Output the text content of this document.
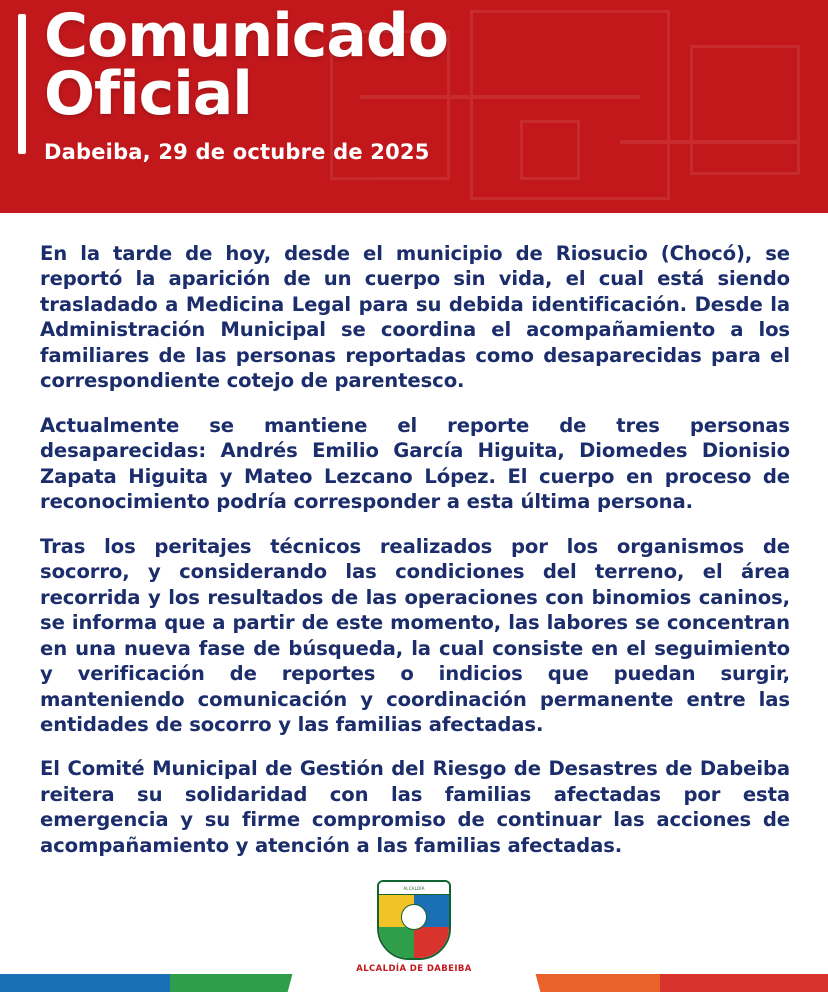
Comunicado
Oficial
Dabeiba, 29 de octubre de 2025

En la tarde de hoy, desde el municipio de Riosucio (Chocó), se reportó la aparición de un cuerpo sin vida, el cual está siendo trasladado a Medicina Legal para su debida identificación. Desde la Administración Municipal se coordina el acompañamiento a los familiares de las personas reportadas como desaparecidas para el correspondiente cotejo de parentesco.

Actualmente se mantiene el reporte de tres personas desaparecidas: Andrés Emilio García Higuita, Diomedes Dionisio Zapata Higuita y Mateo Lezcano López. El cuerpo en proceso de reconocimiento podría corresponder a esta última persona.

Tras los peritajes técnicos realizados por los organismos de socorro, y considerando las condiciones del terreno, el área recorrida y los resultados de las operaciones con binomios caninos, se informa que a partir de este momento, las labores se concentran en una nueva fase de búsqueda, la cual consiste en el seguimiento y verificación de reportes o indicios que puedan surgir, manteniendo comunicación y coordinación permanente entre las entidades de socorro y las familias afectadas.

El Comité Municipal de Gestión del Riesgo de Desastres de Dabeiba reitera su solidaridad con las familias afectadas por esta emergencia y su firme compromiso de continuar las acciones de acompañamiento y atención a las familias afectadas.

ALCALDÍA
ALCALDÍA DE DABEIBA
